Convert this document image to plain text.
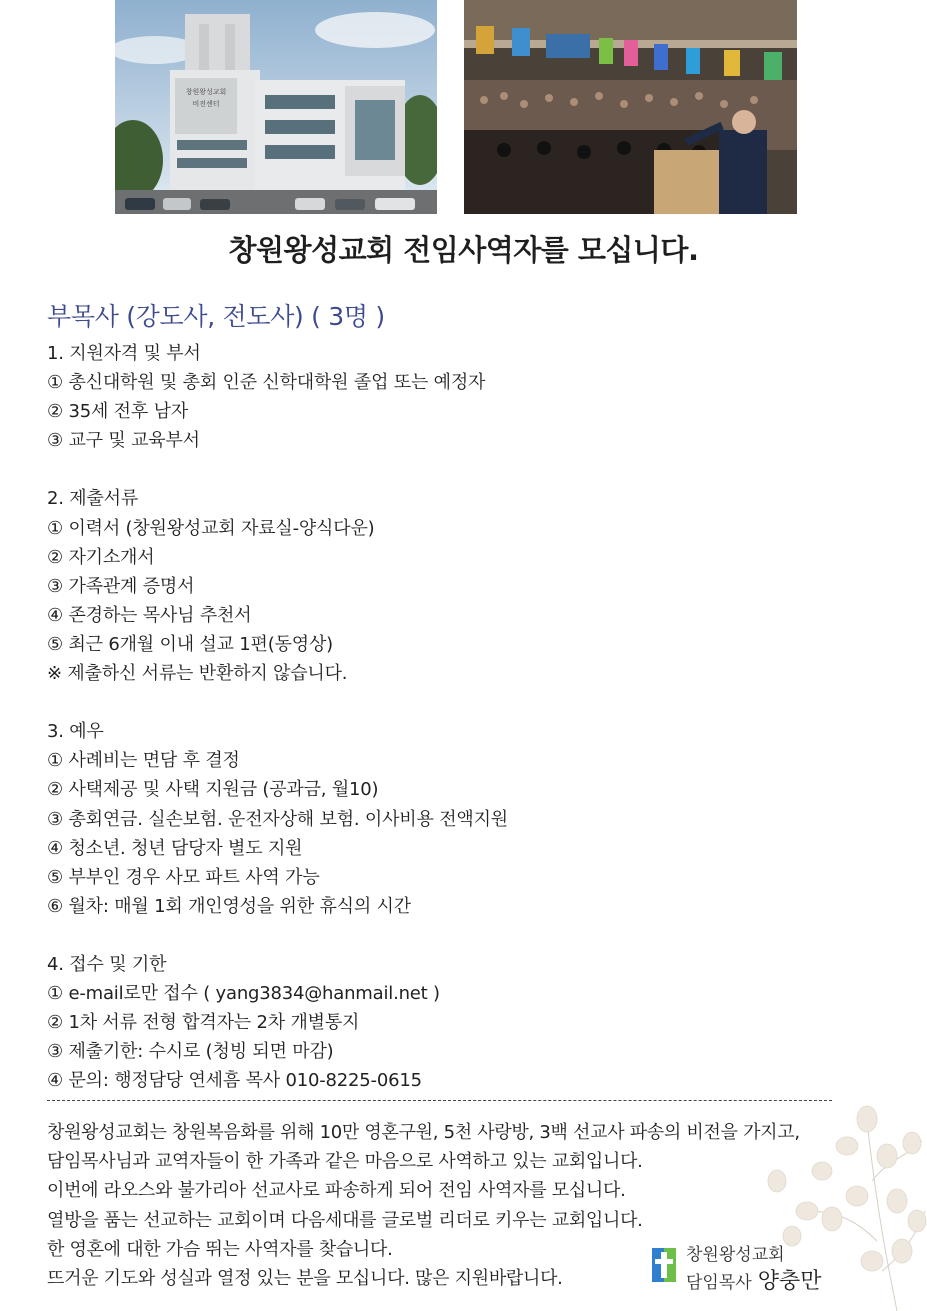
창원왕성교회
비전센터
창원왕성교회 전임사역자를 모십니다.
부목사 (강도사, 전도사) ( 3명 )
1. 지원자격 및 부서
① 총신대학원 및 총회 인준 신학대학원 졸업 또는 예정자
② 35세 전후 남자
③ 교구 및 교육부서
2. 제출서류
① 이력서 (창원왕성교회 자료실-양식다운)
② 자기소개서
③ 가족관계 증명서
④ 존경하는 목사님 추천서
⑤ 최근 6개월 이내 설교 1편(동영상)
※ 제출하신 서류는 반환하지 않습니다.
3. 예우
① 사례비는 면담 후 결정
② 사택제공 및 사택 지원금 (공과금, 월10)
③ 총회연금. 실손보험. 운전자상해 보험. 이사비용 전액지원
④ 청소년. 청년 담당자 별도 지원
⑤ 부부인 경우 사모 파트 사역 가능
⑥ 월차: 매월 1회 개인영성을 위한 휴식의 시간
4. 접수 및 기한
① e-mail로만 접수 ( yang3834@hanmail.net )
② 1차 서류 전형 합격자는 2차 개별통지
③ 제출기한: 수시로 (청빙 되면 마감)
④ 문의: 행정담당 연세흠 목사 010-8225-0615
창원왕성교회는 창원복음화를 위해 10만 영혼구원, 5천 사랑방, 3백 선교사 파송의 비전을 가지고,
담임목사님과 교역자들이 한 가족과 같은 마음으로 사역하고 있는 교회입니다.
이번에 라오스와 불가리아 선교사로 파송하게 되어 전임 사역자를 모십니다.
열방을 품는 선교하는 교회이며 다음세대를 글로벌 리더로 키우는 교회입니다.
한 영혼에 대한 가슴 뛰는 사역자를 찾습니다.
뜨거운 기도와 성실과 열정 있는 분을 모십니다. 많은 지원바랍니다.
창원왕성교회
담임목사 양충만
